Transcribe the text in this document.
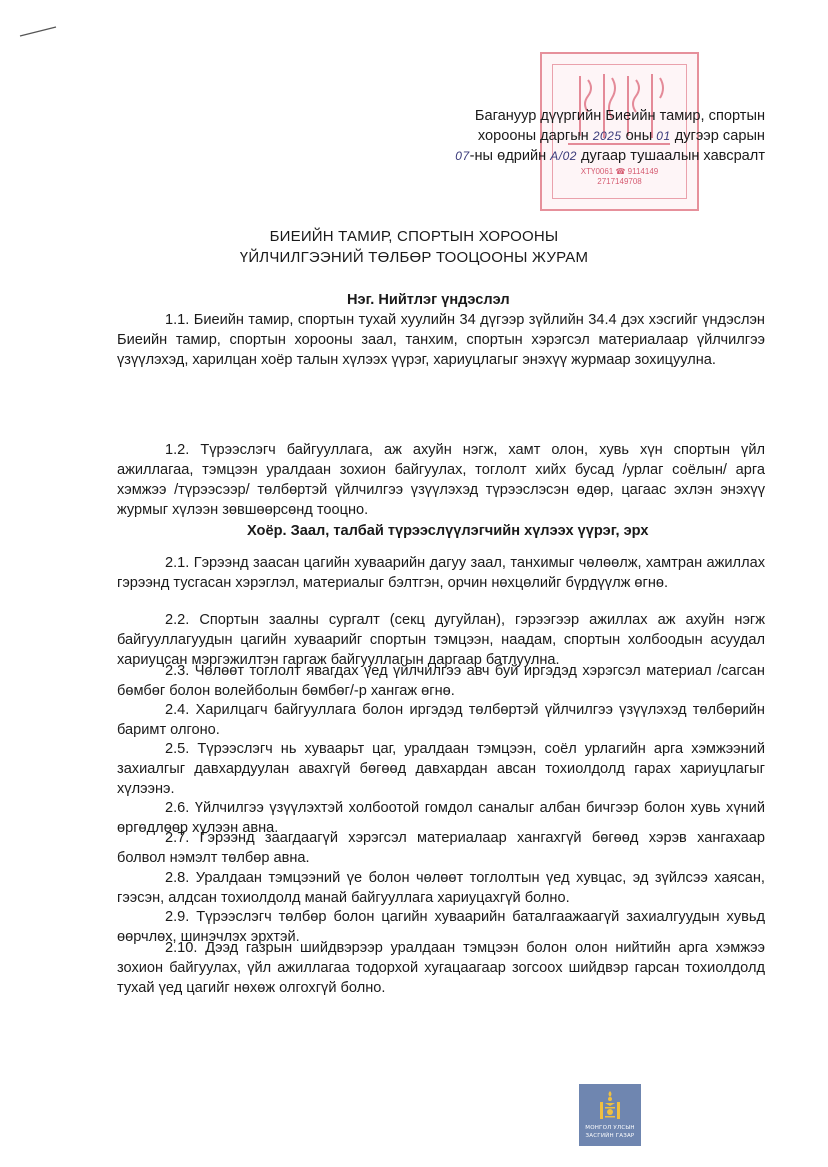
ХТҮ0061 ☎ 9114149
2717149708
Багануур дүүргийн Биеийн тамир, спортын
хорооны даргын 2025 оны 01 дугээр сарын
07-ны өдрийн A/02 дугаар тушаалын хавсралт
БИЕИЙН ТАМИР, СПОРТЫН ХОРООНЫ
ҮЙЛЧИЛГЭЭНИЙ ТӨЛБӨР ТООЦООНЫ ЖУРАМ
Нэг. Нийтлэг үндэслэл
1.1. Биеийн тамир, спортын тухай хуулийн 34 дүгээр зүйлийн 34.4 дэх хэсгийг үндэслэн Биеийн тамир, спортын хорооны заал, танхим, спортын хэрэгсэл материалаар үйлчилгээ үзүүлэхэд, харилцан хоёр талын хүлээх үүрэг, хариуцлагыг энэхүү журмаар зохицуулна.
1.2. Түрээслэгч байгууллага, аж ахуйн нэгж, хамт олон, хувь хүн спортын үйл ажиллагаа, тэмцээн уралдаан зохион байгуулах, тоглолт хийх бусад /урлаг соёлын/ арга хэмжээ /түрээсээр/ төлбөртэй үйлчилгээ үзүүлэхэд түрээслэсэн өдөр, цагаас эхлэн энэхүү журмыг хүлээн зөвшөөрсөнд тооцно.
Хоёр. Заал, талбай түрээслүүлэгчийн хүлээх үүрэг, эрх
2.1. Гэрээнд заасан цагийн хуваарийн дагуу заал, танхимыг чөлөөлж, хамтран ажиллах гэрээнд тусгасан хэрэглэл, материалыг бэлтгэн, орчин нөхцөлийг бүрдүүлж өгнө.
2.2. Спортын заалны сургалт (секц дугуйлан), гэрээгээр ажиллах аж ахуйн нэгж байгууллагуудын цагийн хуваарийг спортын тэмцээн, наадам, спортын холбоодын асуудал хариуцсан мэргэжилтэн гаргаж байгууллагын даргаар батлуулна.
2.3. Чөлөөт тоглолт явагдах үед үйлчилгээ авч буй иргэдэд хэрэгсэл материал /сагсан бөмбөг болон волейболын бөмбөг/-р хангаж өгнө.
2.4. Харилцагч байгууллага болон иргэдэд төлбөртэй үйлчилгээ үзүүлэхэд төлбөрийн баримт олгоно.
2.5. Түрээслэгч нь хуваарьт цаг, уралдаан тэмцээн, соёл урлагийн арга хэмжээний захиалгыг давхардуулан авахгүй бөгөөд давхардан авсан тохиолдолд гарах хариуцлагыг хүлээнэ.
2.6. Үйлчилгээ үзүүлэхтэй холбоотой гомдол саналыг албан бичгээр болон хувь хүний өргөдлөөр хүлээн авна.
2.7. Гэрээнд заагдаагүй хэрэгсэл материалаар хангахгүй бөгөөд хэрэв хангахаар болвол нэмэлт төлбөр авна.
2.8. Уралдаан тэмцээний үе болон чөлөөт тоглолтын үед хувцас, эд зүйлсээ хаясан, гээсэн, алдсан тохиолдолд манай байгууллага хариуцахгүй болно.
2.9. Түрээслэгч төлбөр болон цагийн хуваарийн баталгаажаагүй захиалгуудын хувьд өөрчлөх, шинэчлэх эрхтэй.
2.10. Дээд газрын шийдвэрээр уралдаан тэмцээн болон олон нийтийн арга хэмжээ зохион байгуулах, үйл ажиллагаа тодорхой хугацаагаар зогсоох шийдвэр гарсан тохиолдолд тухай үед цагийг нөхөж олгохгүй болно.
МОНГОЛ УЛСЫН
ЗАСГИЙН ГАЗАР
